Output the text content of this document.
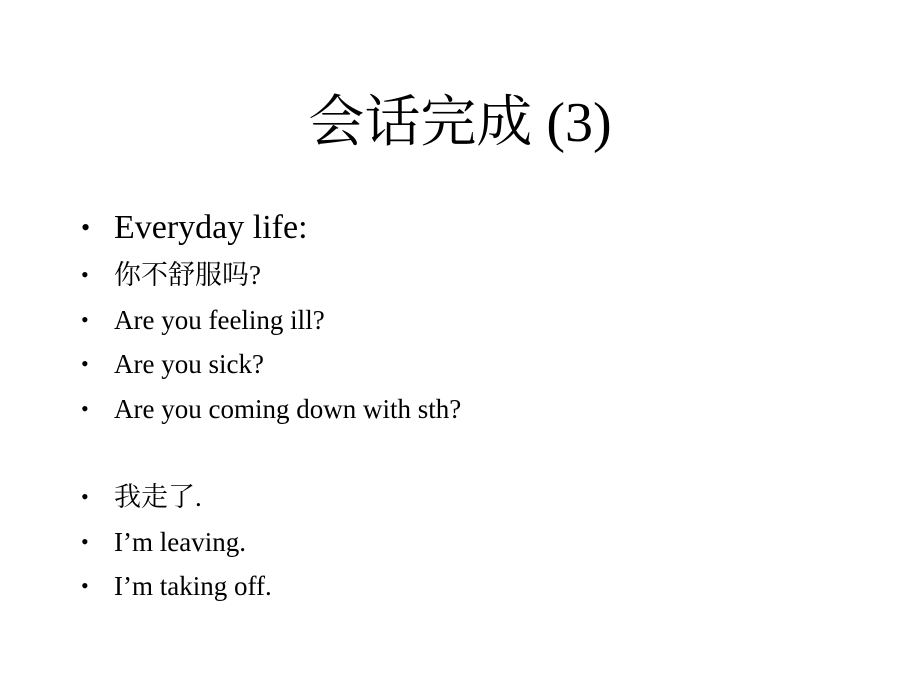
会话完成 (3)
• Everyday life:
• 你不舒服吗?
• Are you feeling ill?
• Are you sick?
• Are you coming down with sth?
• 我走了.
• I’m leaving.
• I’m taking off.
